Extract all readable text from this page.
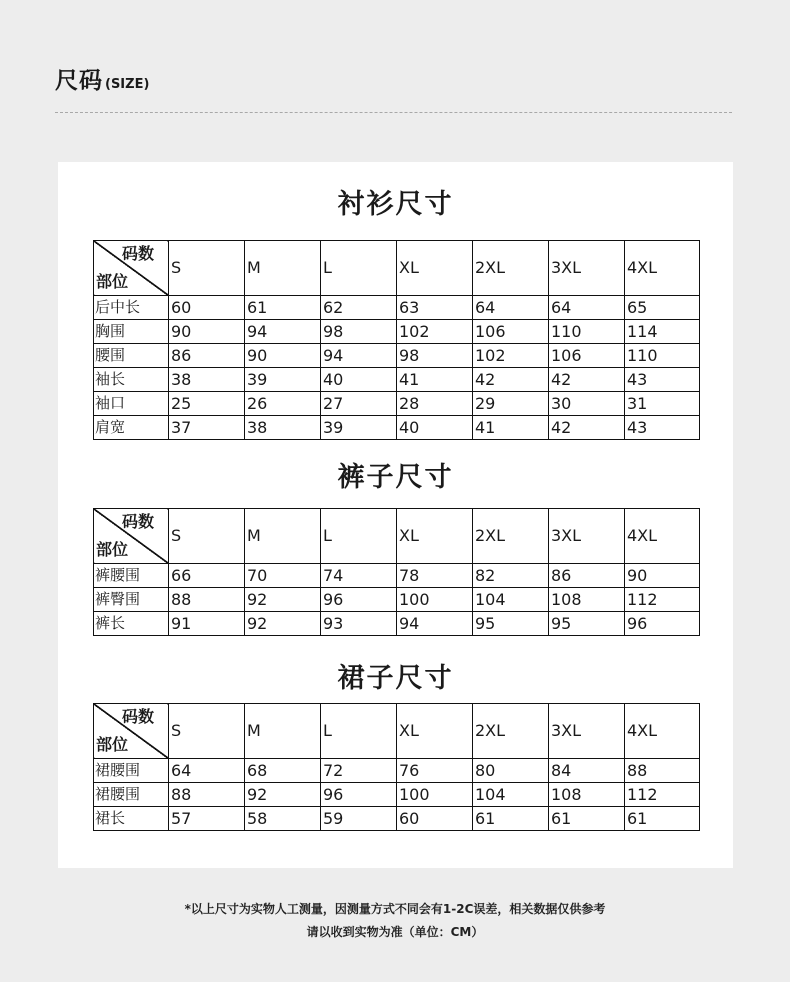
尺码 (SIZE)
衬衫尺寸
码数
部位	S	M	L	XL	2XL	3XL	4XL
后中长	60	61	62	63	64	64	65
胸围	90	94	98	102	106	110	114
腰围	86	90	94	98	102	106	110
袖长	38	39	40	41	42	42	43
袖口	25	26	27	28	29	30	31
肩宽	37	38	39	40	41	42	43
裤子尺寸
码数
部位	S	M	L	XL	2XL	3XL	4XL
裤腰围	66	70	74	78	82	86	90
裤臀围	88	92	96	100	104	108	112
裤长	91	92	93	94	95	95	96
裙子尺寸
码数
部位	S	M	L	XL	2XL	3XL	4XL
裙腰围	64	68	72	76	80	84	88
裙腰围	88	92	96	100	104	108	112
裙长	57	58	59	60	61	61	61
*以上尺寸为实物人工测量，因测量方式不同会有1-2C误差，相关数据仅供参考
请以收到实物为准（单位：CM）
